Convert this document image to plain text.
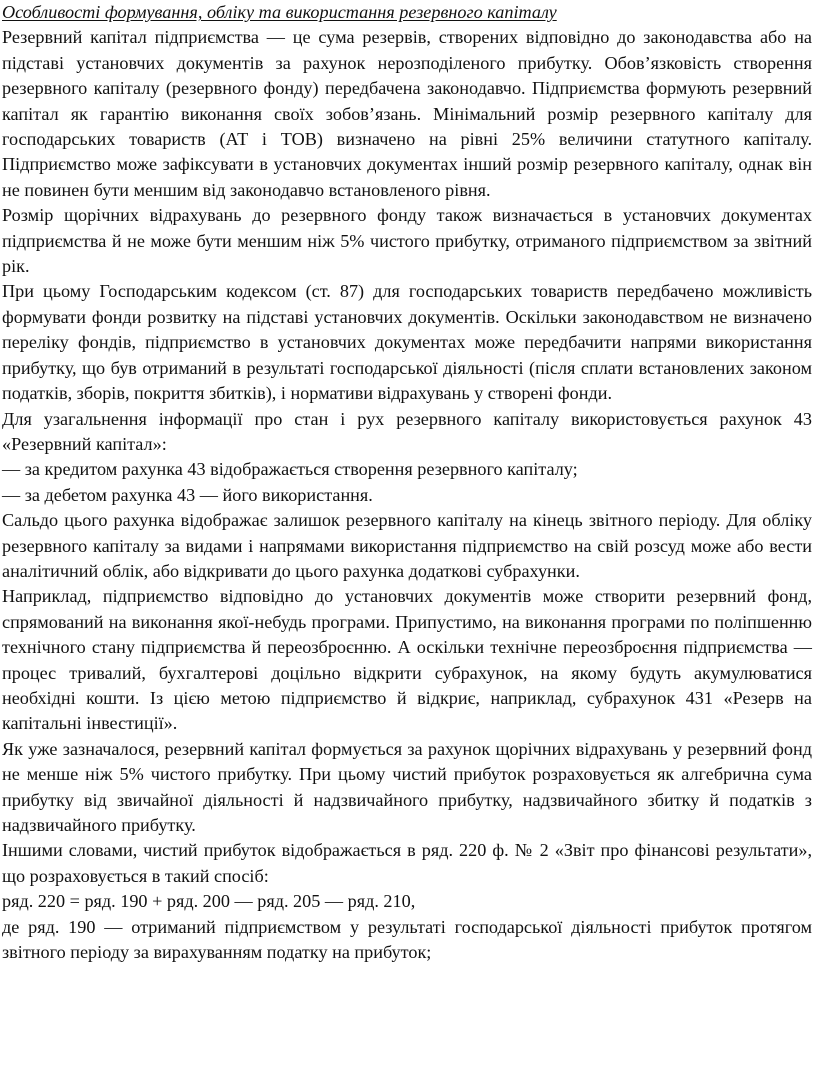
Особливості формування, обліку та використання резервного капіталу

Резервний капітал підприємства — це сума резервів, створених відповідно до законодавства або на підставі установчих документів за рахунок нерозподіленого прибутку. Обов’язковість створення резервного капіталу (резервного фонду) передбачена законодавчо. Підприємства формують резервний капітал як гарантію виконання своїх зобов’язань. Мінімальний розмір резервного капіталу для господарських товариств (АТ і ТОВ) визначено на рівні 25% величини статутного капіталу. Підприємство може зафіксувати в установчих документах інший розмір резервного капіталу, однак він не повинен бути меншим від законодавчо встановленого рівня.

Розмір щорічних відрахувань до резервного фонду також визначається в установчих документах підприємства й не може бути меншим ніж 5% чистого прибутку, отриманого підприємством за звітний рік.

При цьому Господарським кодексом (ст. 87) для господарських товариств передбачено можливість формувати фонди розвитку на підставі установчих документів. Оскільки законодавством не визначено переліку фондів, підприємство в установчих документах може передбачити напрями використання прибутку, що був отриманий в результаті господарської діяльності (після сплати встановлених законом податків, зборів, покриття збитків), і нормативи відрахувань у створені фонди.

Для узагальнення інформації про стан і рух резервного капіталу використовується рахунок 43 «Резервний капітал»:

— за кредитом рахунка 43 відображається створення резервного капіталу;

— за дебетом рахунка 43 — його використання.

Сальдо цього рахунка відображає залишок резервного капіталу на кінець звітного періоду. Для обліку резервного капіталу за видами і напрямами використання підприємство на свій розсуд може або вести аналітичний облік, або відкривати до цього рахунка додаткові субрахунки.

Наприклад, підприємство відповідно до установчих документів може створити резервний фонд, спрямований на виконання якої-небудь програми. Припустимо, на виконання програми по поліпшенню технічного стану підприємства й переозброєнню. А оскільки технічне переозброєння підприємства — процес тривалий, бухгалтерові доцільно відкрити субрахунок, на якому будуть акумулюватися необхідні кошти. Із цією метою підприємство й відкриє, наприклад, субрахунок 431 «Резерв на капітальні інвестиції».

Як уже зазначалося, резервний капітал формується за рахунок щорічних відрахувань у резервний фонд не менше ніж 5% чистого прибутку. При цьому чистий прибуток розраховується як алгебрична сума прибутку від звичайної діяльності й надзвичайного прибутку, надзвичайного збитку й податків з надзвичайного прибутку.

Іншими словами, чистий прибуток відображається в ряд. 220 ф. № 2 «Звіт про фінансові результати», що розраховується в такий спосіб:

ряд. 220 = ряд. 190 + ряд. 200 — ряд. 205 — ряд. 210,

де ряд. 190 — отриманий підприємством у результаті господарської діяльності прибуток протягом звітного періоду за вирахуванням податку на прибуток;
